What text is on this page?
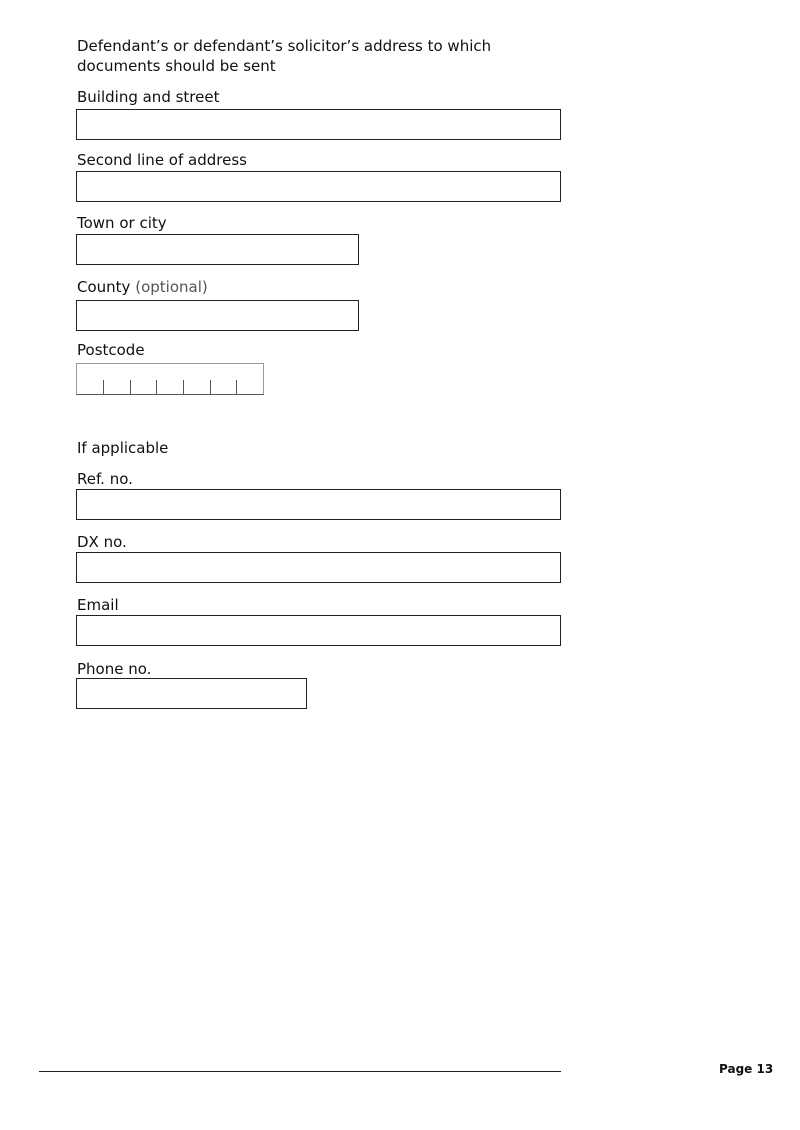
Defendant’s or defendant’s solicitor’s address to which documents should be sent
Building and street
Second line of address
Town or city
County (optional)
Postcode
If applicable
Ref. no.
DX no.
Email
Phone no.
Page 13
